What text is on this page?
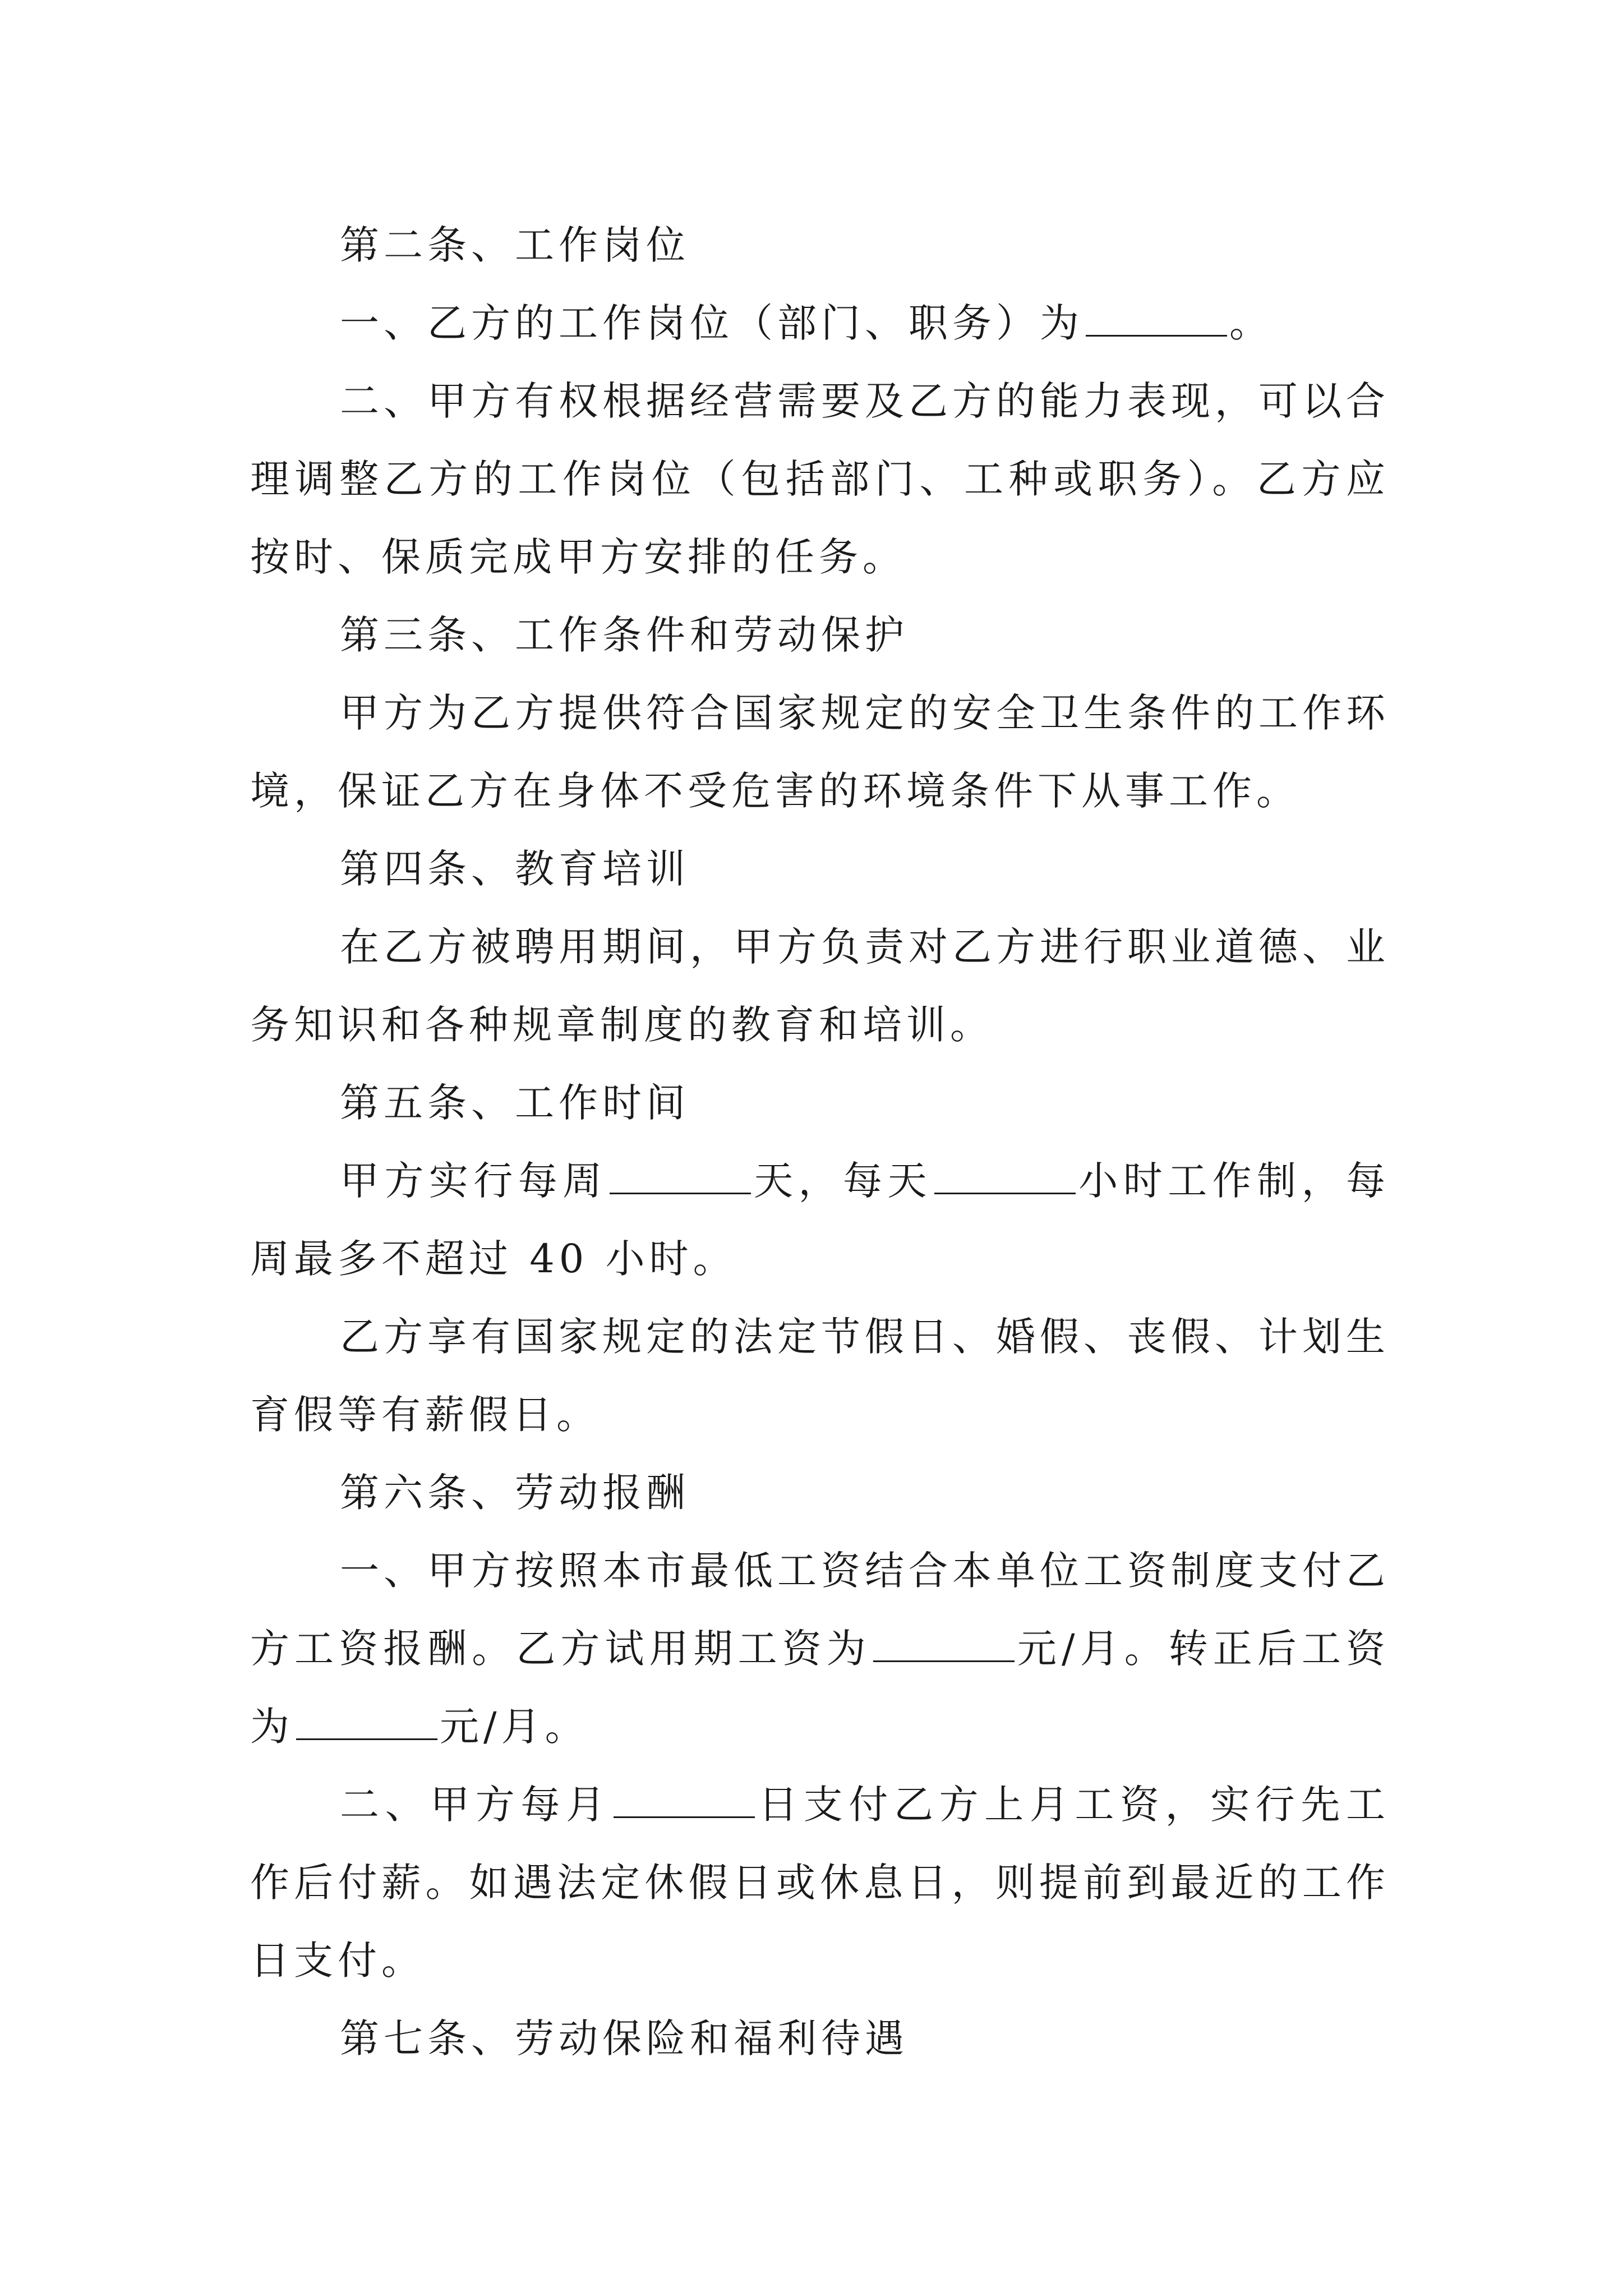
第二条、工作岗位

一、乙方的工作岗位（部门、职务）为	。

二、甲方有权根据经营需要及乙方的能力表现，可以合理调整乙方的工作岗位（包括部门、工种或职务）。乙方应按时、保质完成甲方安排的任务。

第三条、工作条件和劳动保护

甲方为乙方提供符合国家规定的安全卫生条件的工作环境，保证乙方在身体不受危害的环境条件下从事工作。

第四条、教育培训

在乙方被聘用期间，甲方负责对乙方进行职业道德、业务知识和各种规章制度的教育和培训。

第五条、工作时间

甲方实行每周	天，每天	小时工作制，每周最多不超过 40 小时。

乙方享有国家规定的法定节假日、婚假、丧假、计划生育假等有薪假日。

第六条、劳动报酬

一、甲方按照本市最低工资结合本单位工资制度支付乙方工资报酬。乙方试用期工资为	元/月。转正后工资为	元/月。

二、甲方每月	日支付乙方上月工资，实行先工作后付薪。如遇法定休假日或休息日，则提前到最近的工作日支付。

第七条、劳动保险和福利待遇
